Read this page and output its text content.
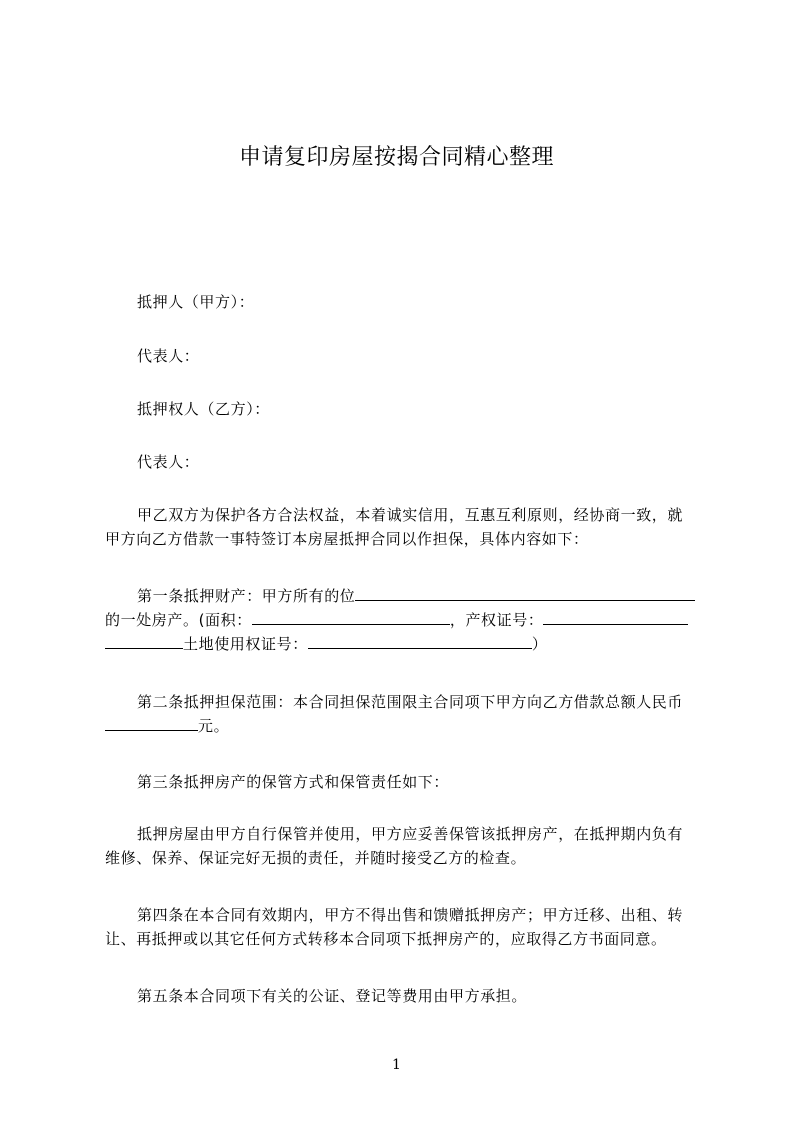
申请复印房屋按揭合同精心整理

抵押人（甲方）：

代表人：

抵押权人（乙方）：

代表人：

甲乙双方为保护各方合法权益，本着诚实信用，互惠互利原则，经协商一致，就
甲方向乙方借款一事特签订本房屋抵押合同以作担保，具体内容如下：
第一条抵押财产：甲方所有的位
的一处房产。(面积：	，产权证号：
土地使用权证号：	）
第二条抵押担保范围：本合同担保范围限主合同项下甲方向乙方借款总额人民币
元。

第三条抵押房产的保管方式和保管责任如下：

抵押房屋由甲方自行保管并使用，甲方应妥善保管该抵押房产，在抵押期内负有
维修、保养、保证完好无损的责任，并随时接受乙方的检查。
第四条在本合同有效期内，甲方不得出售和馈赠抵押房产；甲方迁移、出租、转
让、再抵押或以其它任何方式转移本合同项下抵押房产的，应取得乙方书面同意。

第五条本合同项下有关的公证、登记等费用由甲方承担。

1
